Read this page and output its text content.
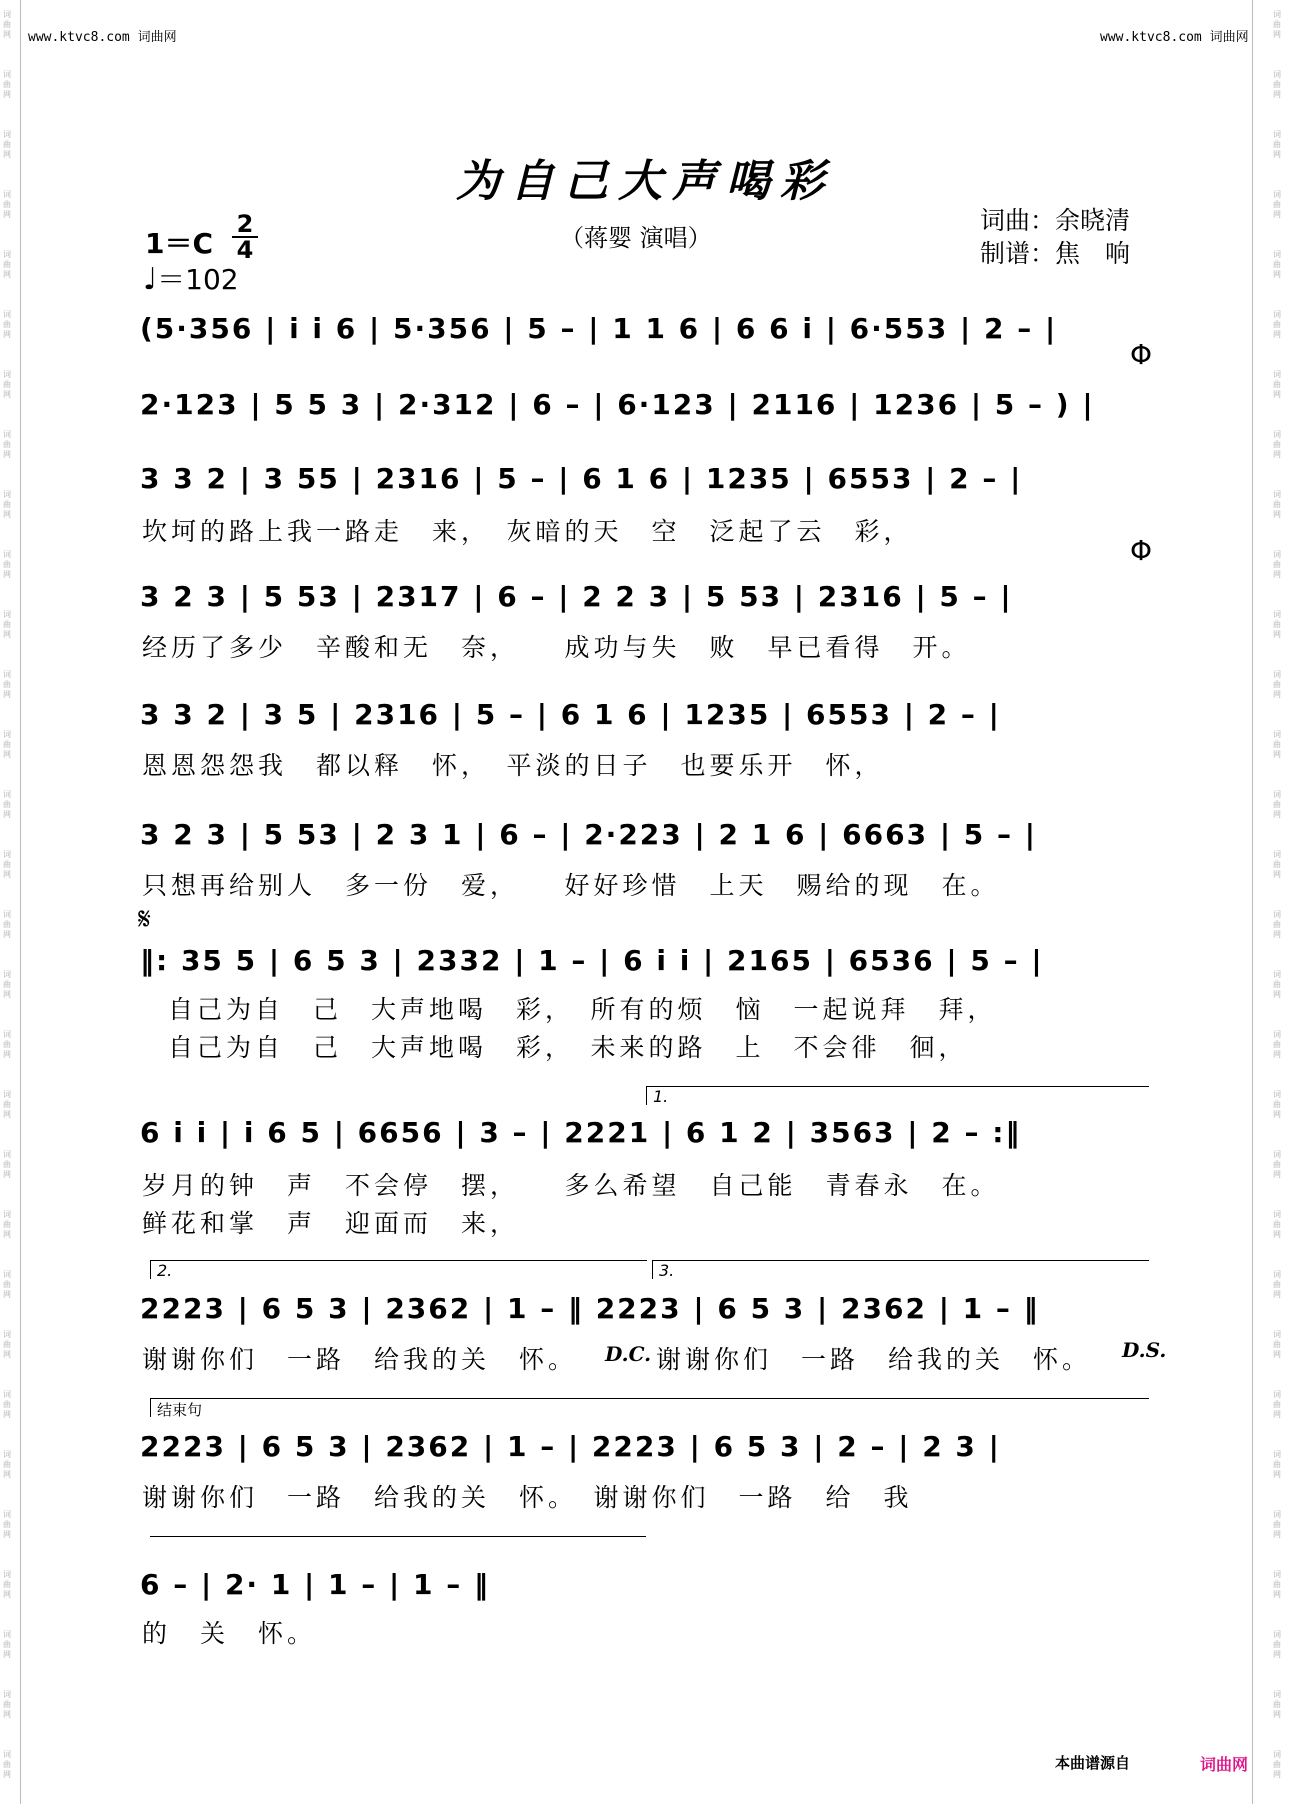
词曲网
词曲网
词曲网
词曲网
词曲网
词曲网
词曲网
词曲网
词曲网
词曲网
词曲网
词曲网
词曲网
词曲网
词曲网
词曲网
词曲网
词曲网
词曲网
词曲网
词曲网
词曲网
词曲网
词曲网
词曲网
词曲网
词曲网
词曲网
词曲网
词曲网
词曲网
词曲网
词曲网
词曲网
词曲网
词曲网
词曲网
词曲网
词曲网
词曲网
词曲网
词曲网
词曲网
词曲网
词曲网
词曲网
词曲网
词曲网
词曲网
词曲网
词曲网
词曲网
词曲网
词曲网
词曲网
词曲网
词曲网
词曲网
词曲网
词曲网
www.ktvc8.com 词曲网	www.ktvc8.com 词曲网
为自己大声喝彩
（蒋婴 演唱）
词曲：余晓清
制谱：焦　响
1＝C
2
4
♩＝102
(5·356 | i i 6 | 5·356 | 5 – | 1 1 6 | 6 6 i | 6·553 | 2 – |
Φ
2·123 | 5 5 3 | 2·312 | 6 – | 6·123 | 2116 | 1236 | 5 – ) |
3 3 2 | 3 55 | 2316 | 5 – | 6 1 6 | 1235 | 6553 | 2 – |
坎坷的路上我一路走　来，　灰暗的天　空　泛起了云　彩，
Φ
3 2 3 | 5 53 | 2317 | 6 – | 2 2 3 | 5 53 | 2316 | 5 – |
经历了多少　辛酸和无　奈，　　成功与失　败　早已看得　开。
3 3 2 | 3 5 | 2316 | 5 – | 6 1 6 | 1235 | 6553 | 2 – |
恩恩怨怨我　都以释　怀，　平淡的日子　也要乐开　怀，
3 2 3 | 5 53 | 2 3 1 | 6 – | 2·223 | 2 1 6 | 6663 | 5 – |
只想再给别人　多一份　爱，　　好好珍惜　上天　赐给的现　在。
𝄋
‖: 35 5 | 6 5 3 | 2332 | 1 – | 6 i i | 2165 | 6536 | 5 – |
自己为自　己　大声地喝　彩，　所有的烦　恼　一起说拜　拜，
自己为自　己　大声地喝　彩，　未来的路　上　不会徘　徊，
1.
6 i i | i 6 5 | 6656 | 3 – | 2221 | 6 1 2 | 3563 | 2 – :‖
岁月的钟　声　不会停　摆，　　多么希望　自己能　青春永　在。
鲜花和掌　声　迎面而　来，
2.	3.
2223 | 6 5 3 | 2362 | 1 – ‖ 2223 | 6 5 3 | 2362 | 1 – ‖
谢谢你们　一路　给我的关　怀。	D.C. 谢谢你们　一路　给我的关　怀。	D.S.
结束句
2223 | 6 5 3 | 2362 | 1 – | 2223 | 6 5 3 | 2 – | 2 3 |
谢谢你们　一路　给我的关　怀。　谢谢你们　一路　给　我
6 – | 2· 1 | 1 – | 1 – ‖
的　关　怀。
本曲谱源自	词曲网
